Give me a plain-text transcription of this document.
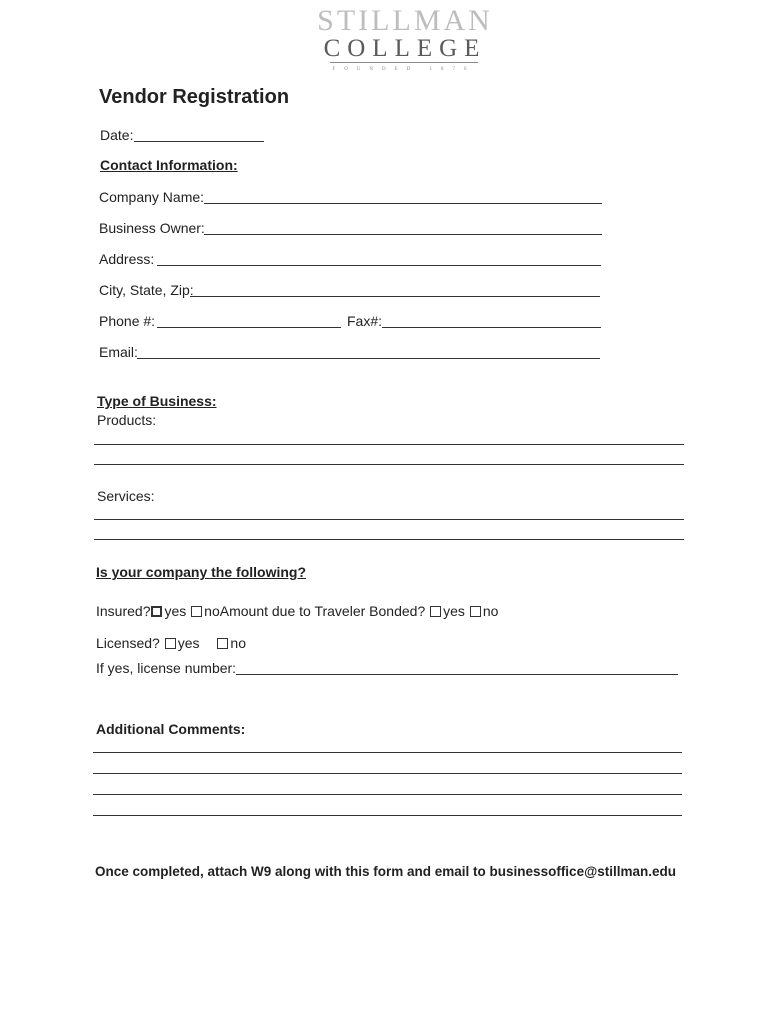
STILLMAN
COLLEGE
FOUNDED 1876
Vendor Registration
Date:
Contact Information:
Company Name:
Business Owner:
Address:
City, State, Zip:
Phone #:	Fax#:
Email:
Type of Business:
Products:
Services:
Is your company the following?
Insured? yes noAmount due to Traveler Bonded? yes no
Licensed? yes no
If yes, license number:
Additional Comments:
Once completed, attach W9 along with this form and email to businessoffice@stillman.edu
